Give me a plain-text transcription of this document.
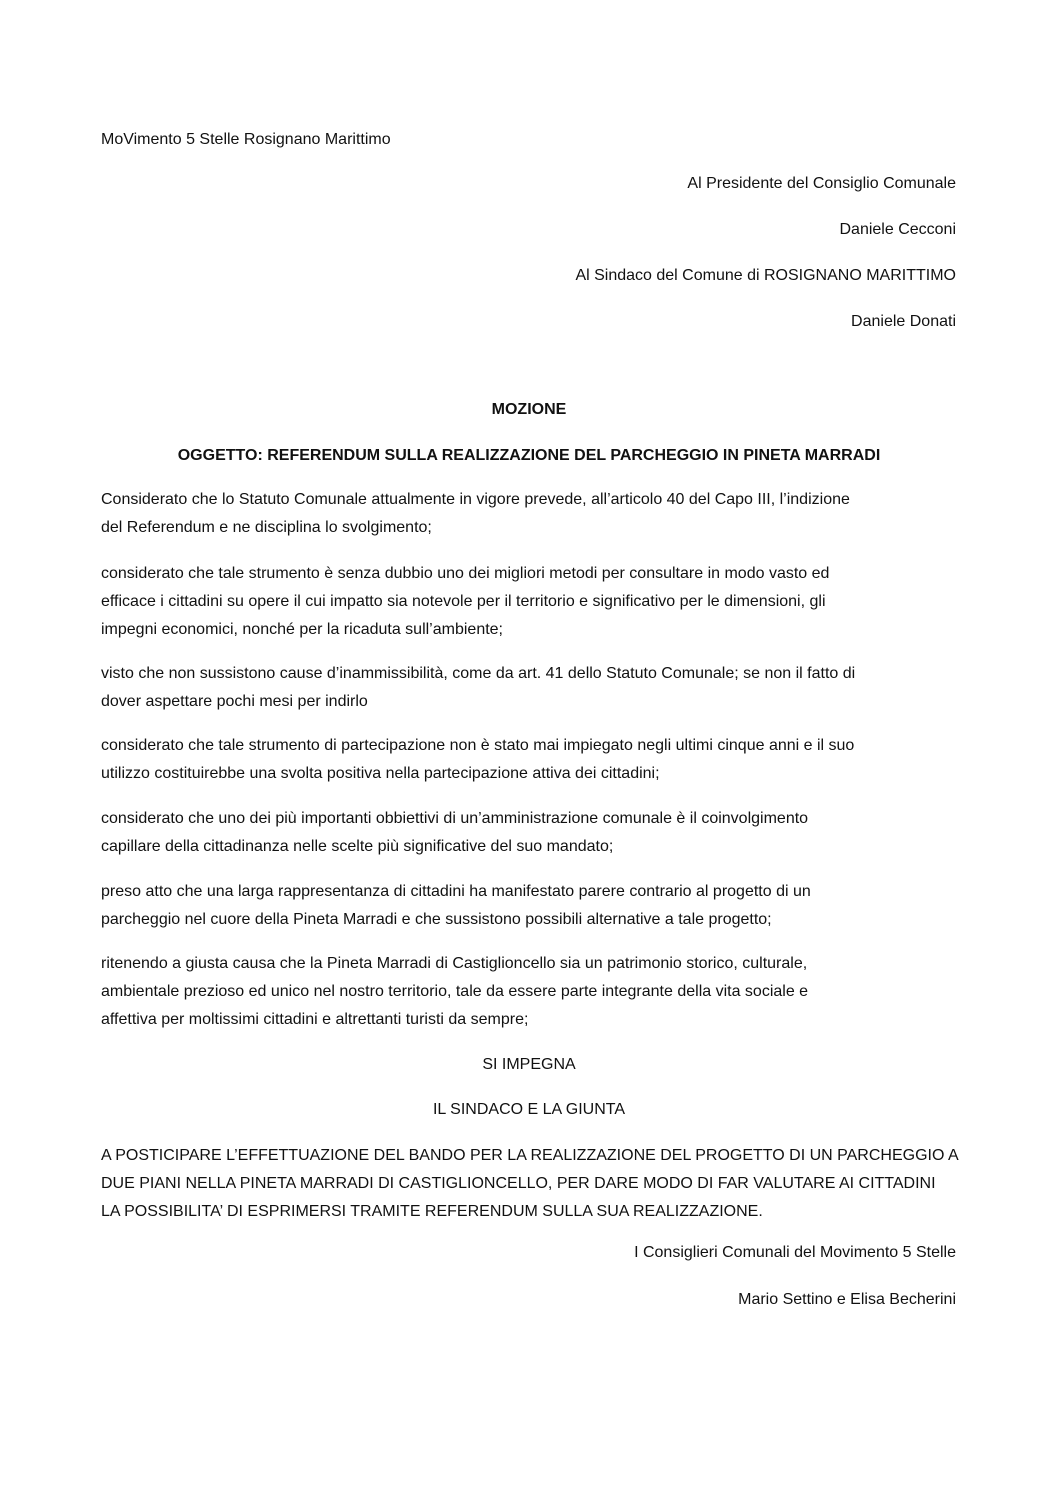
MoVimento 5 Stelle Rosignano Marittimo
Al Presidente del Consiglio Comunale
Daniele Cecconi
Al Sindaco del Comune di ROSIGNANO MARITTIMO
Daniele Donati
MOZIONE
OGGETTO: REFERENDUM SULLA REALIZZAZIONE DEL PARCHEGGIO IN PINETA MARRADI
Considerato che lo Statuto Comunale attualmente in vigore prevede, all’articolo 40 del Capo III, l’indizione
del Referendum e ne disciplina lo svolgimento;
considerato che tale strumento è senza dubbio uno dei migliori metodi per consultare in modo vasto ed
efficace i cittadini su opere il cui impatto sia notevole per il territorio e significativo per le dimensioni, gli
impegni economici, nonché per la ricaduta sull’ambiente;
visto che non sussistono cause d’inammissibilità, come da art. 41 dello Statuto Comunale; se non il fatto di
dover aspettare pochi mesi per indirlo
considerato che tale strumento di partecipazione non è stato mai impiegato negli ultimi cinque anni e il suo
utilizzo costituirebbe una svolta positiva nella partecipazione attiva dei cittadini;
considerato che uno dei più importanti obbiettivi di un’amministrazione comunale è il coinvolgimento
capillare della cittadinanza nelle scelte più significative del suo mandato;
preso atto che una larga rappresentanza di cittadini ha manifestato parere contrario al progetto di un
parcheggio nel cuore della Pineta Marradi e che sussistono possibili alternative a tale progetto;
ritenendo a giusta causa che la Pineta Marradi di Castiglioncello sia un patrimonio storico, culturale,
ambientale prezioso ed unico nel nostro territorio, tale da essere parte integrante della vita sociale e
affettiva per moltissimi cittadini e altrettanti turisti da sempre;
SI IMPEGNA
IL SINDACO E LA GIUNTA
A POSTICIPARE L’EFFETTUAZIONE DEL BANDO PER LA REALIZZAZIONE DEL PROGETTO DI UN PARCHEGGIO A
DUE PIANI NELLA PINETA MARRADI DI CASTIGLIONCELLO, PER DARE MODO DI FAR VALUTARE AI CITTADINI
LA POSSIBILITA’ DI ESPRIMERSI TRAMITE REFERENDUM SULLA SUA REALIZZAZIONE.
I Consiglieri Comunali del Movimento 5 Stelle
Mario Settino e Elisa Becherini
